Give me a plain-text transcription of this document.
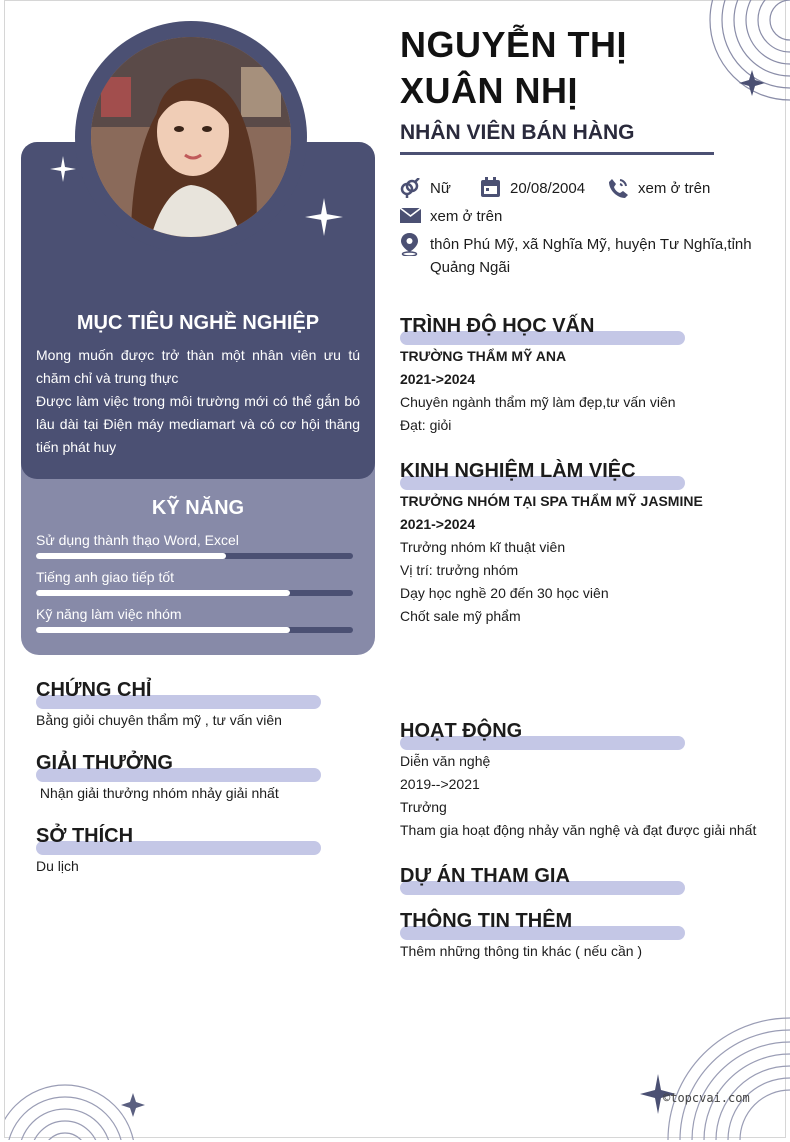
MỤC TIÊU NGHỀ NGHIỆP

Mong muốn được trở thàn một nhân viên ưu tú chăm chỉ và trung thực

Được làm việc trong môi trường mới có thể gắn bó lâu dài tại Điện máy mediamart và có cơ hội thăng tiến phát huy

KỸ NĂNG
Sử dụng thành thạo Word, Excel
Tiếng anh giao tiếp tốt
Kỹ năng làm việc nhóm
CHỨNG CHỈ
Bằng giỏi chuyên thẩm mỹ , tư vấn viên
GIẢI THƯỞNG
Nhận giải thưởng nhóm nhảy giải nhất
SỞ THÍCH
Du lịch
NGUYỄN THỊ XUÂN NHỊ
NHÂN VIÊN BÁN HÀNG
Nữ	20/08/2004	xem ở trên
xem ở trên
thôn Phú Mỹ, xã Nghĩa Mỹ, huyện Tư Nghĩa,tỉnh Quảng Ngãi
TRÌNH ĐỘ HỌC VẤN

TRƯỜNG THẨM MỸ ANA

2021->2024

Chuyên ngành thẩm mỹ làm đẹp,tư vấn viên

Đạt: giỏi

KINH NGHIỆM LÀM VIỆC

TRƯỞNG NHÓM TẠI SPA THẨM MỸ JASMINE

2021->2024

Trưởng nhóm kĩ thuật viên

Vị trí: trưởng nhóm

Dạy học nghề 20 đến 30 học viên

Chốt sale mỹ phẩm

HOẠT ĐỘNG

Diễn văn nghệ

2019-->2021

Trưởng

Tham gia hoạt động nhảy văn nghệ và đạt được giải nhất

DỰ ÁN THAM GIA
THÔNG TIN THÊM
Thêm những thông tin khác ( nếu cần )
©topcvai.com
